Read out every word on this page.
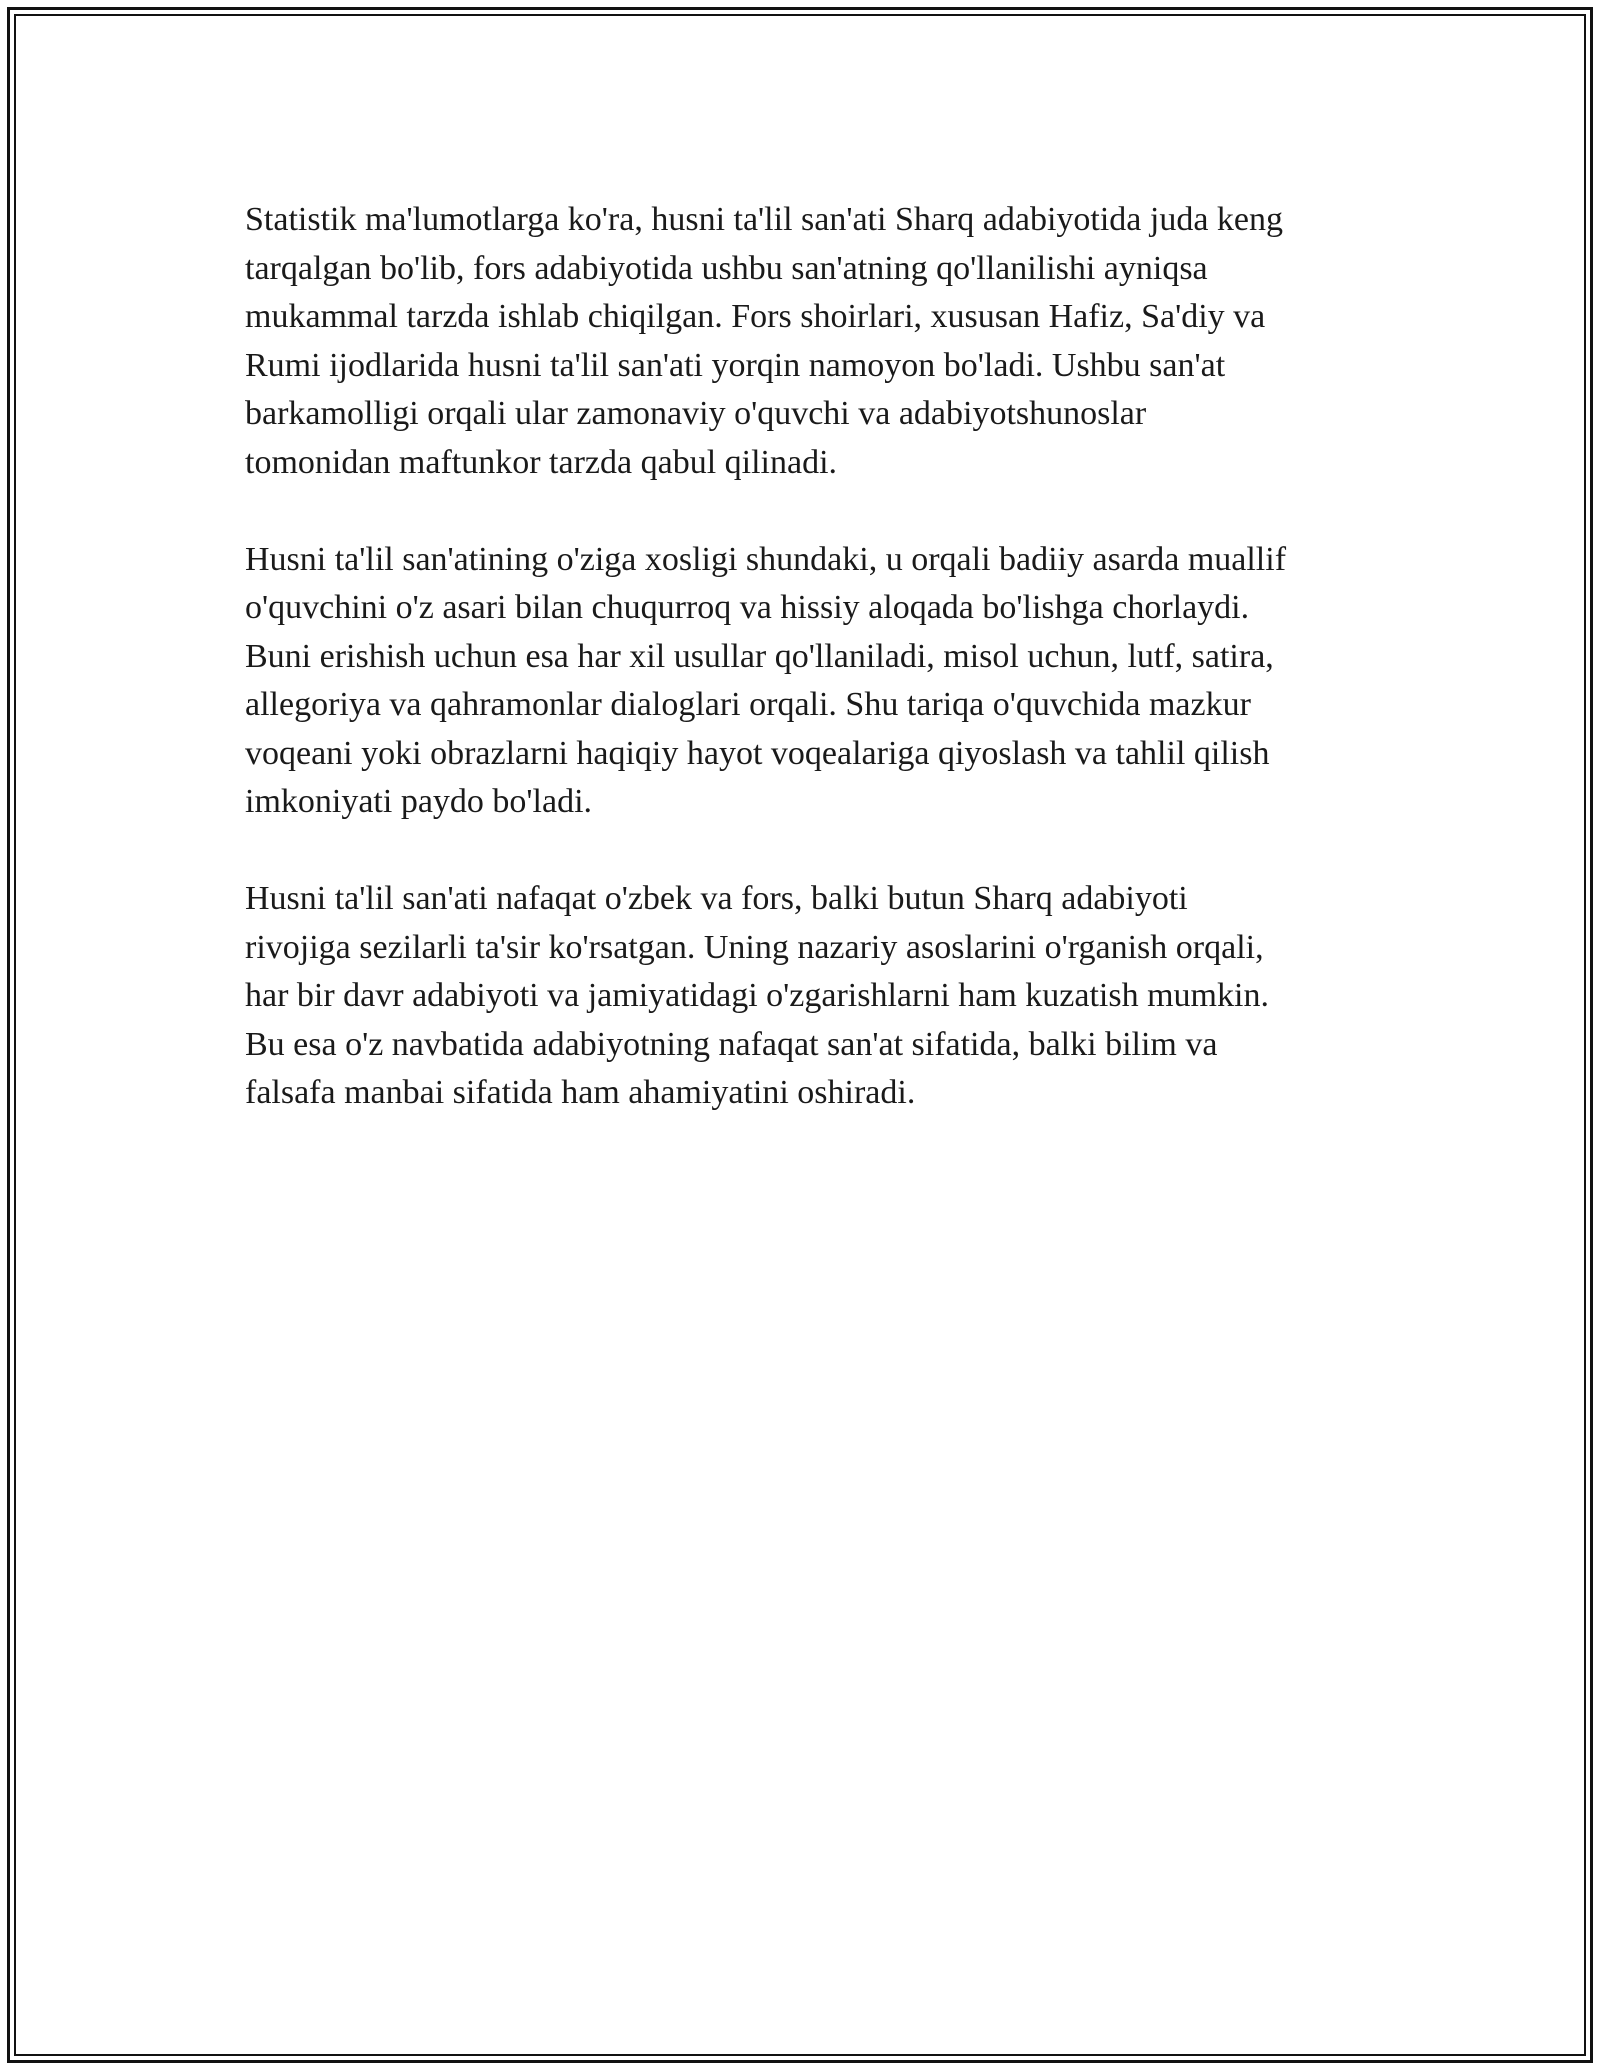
Statistik ma'lumotlarga ko'ra, husni ta'lil san'ati Sharq adabiyotida juda keng
tarqalgan bo'lib, fors adabiyotida ushbu san'atning qo'llanilishi ayniqsa
mukammal tarzda ishlab chiqilgan. Fors shoirlari, xususan Hafiz, Sa'diy va
Rumi ijodlarida husni ta'lil san'ati yorqin namoyon bo'ladi. Ushbu san'at
barkamolligi orqali ular zamonaviy o'quvchi va adabiyotshunoslar
tomonidan maftunkor tarzda qabul qilinadi.

Husni ta'lil san'atining o'ziga xosligi shundaki, u orqali badiiy asarda muallif
o'quvchini o'z asari bilan chuqurroq va hissiy aloqada bo'lishga chorlaydi.
Buni erishish uchun esa har xil usullar qo'llaniladi, misol uchun, lutf, satira,
allegoriya va qahramonlar dialoglari orqali. Shu tariqa o'quvchida mazkur
voqeani yoki obrazlarni haqiqiy hayot voqealariga qiyoslash va tahlil qilish
imkoniyati paydo bo'ladi.

Husni ta'lil san'ati nafaqat o'zbek va fors, balki butun Sharq adabiyoti
rivojiga sezilarli ta'sir ko'rsatgan. Uning nazariy asoslarini o'rganish orqali,
har bir davr adabiyoti va jamiyatidagi o'zgarishlarni ham kuzatish mumkin.
Bu esa o'z navbatida adabiyotning nafaqat san'at sifatida, balki bilim va
falsafa manbai sifatida ham ahamiyatini oshiradi.
